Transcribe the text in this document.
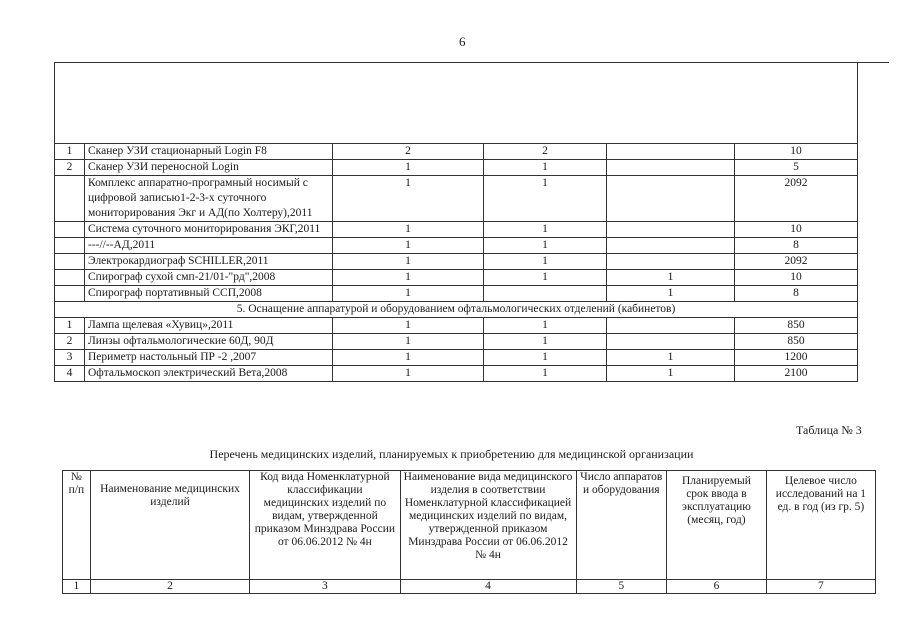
6

1	Сканер УЗИ стационарный Login F8	2	2		10	
2	Сканер УЗИ переносной Login	1	1		5	
	Комплекс аппаратно-програмный носимый с цифровой записью1-2-3-х суточного мониторирования Экг и АД(по Холтеру),2011	1	1		2092	
	Система суточного мониторирования ЭКГ,2011	1	1		10	
	---//--АД,2011	1	1		8	
	Электрокардиограф SCHILLER,2011	1	1		2092	
	Спирограф сухой смп-21/01-"рд",2008	1	1	1	10	
	Спирограф портативный ССП,2008	1		1	8	
5. Оснащение аппаратурой и оборудованием офтальмологических отделений (кабинетов)						
1	Лампа щелевая «Хувиц»,2011	1	1		850	
2	Линзы офтальмологические 60Д, 90Д	1	1		850	
3	Периметр настольный ПР -2 ,2007	1	1	1	1200	
4	Офтальмоскоп электрический Вета,2008	1	1	1	2100	
Таблица № 3
Перечень медицинских изделий, планируемых к приобретению для медицинской организации
№ п/п	Наименование медицинских изделий	Код вида Номенклатурной классификации медицинских изделий по видам, утвержденной приказом Минздрава России от 06.06.2012 № 4н	Наименование вида медицинского изделия в соответствии Номенклатурной классификацией медицинских изделий по видам, утвержденной приказом Минздрава России от 06.06.2012 № 4н	Число аппаратов и оборудования	Планируемый срок ввода в эксплуатацию (месяц, год)	Целевое число исследований на 1 ед. в год (из гр. 5)
1	2	3	4	5	6	7
